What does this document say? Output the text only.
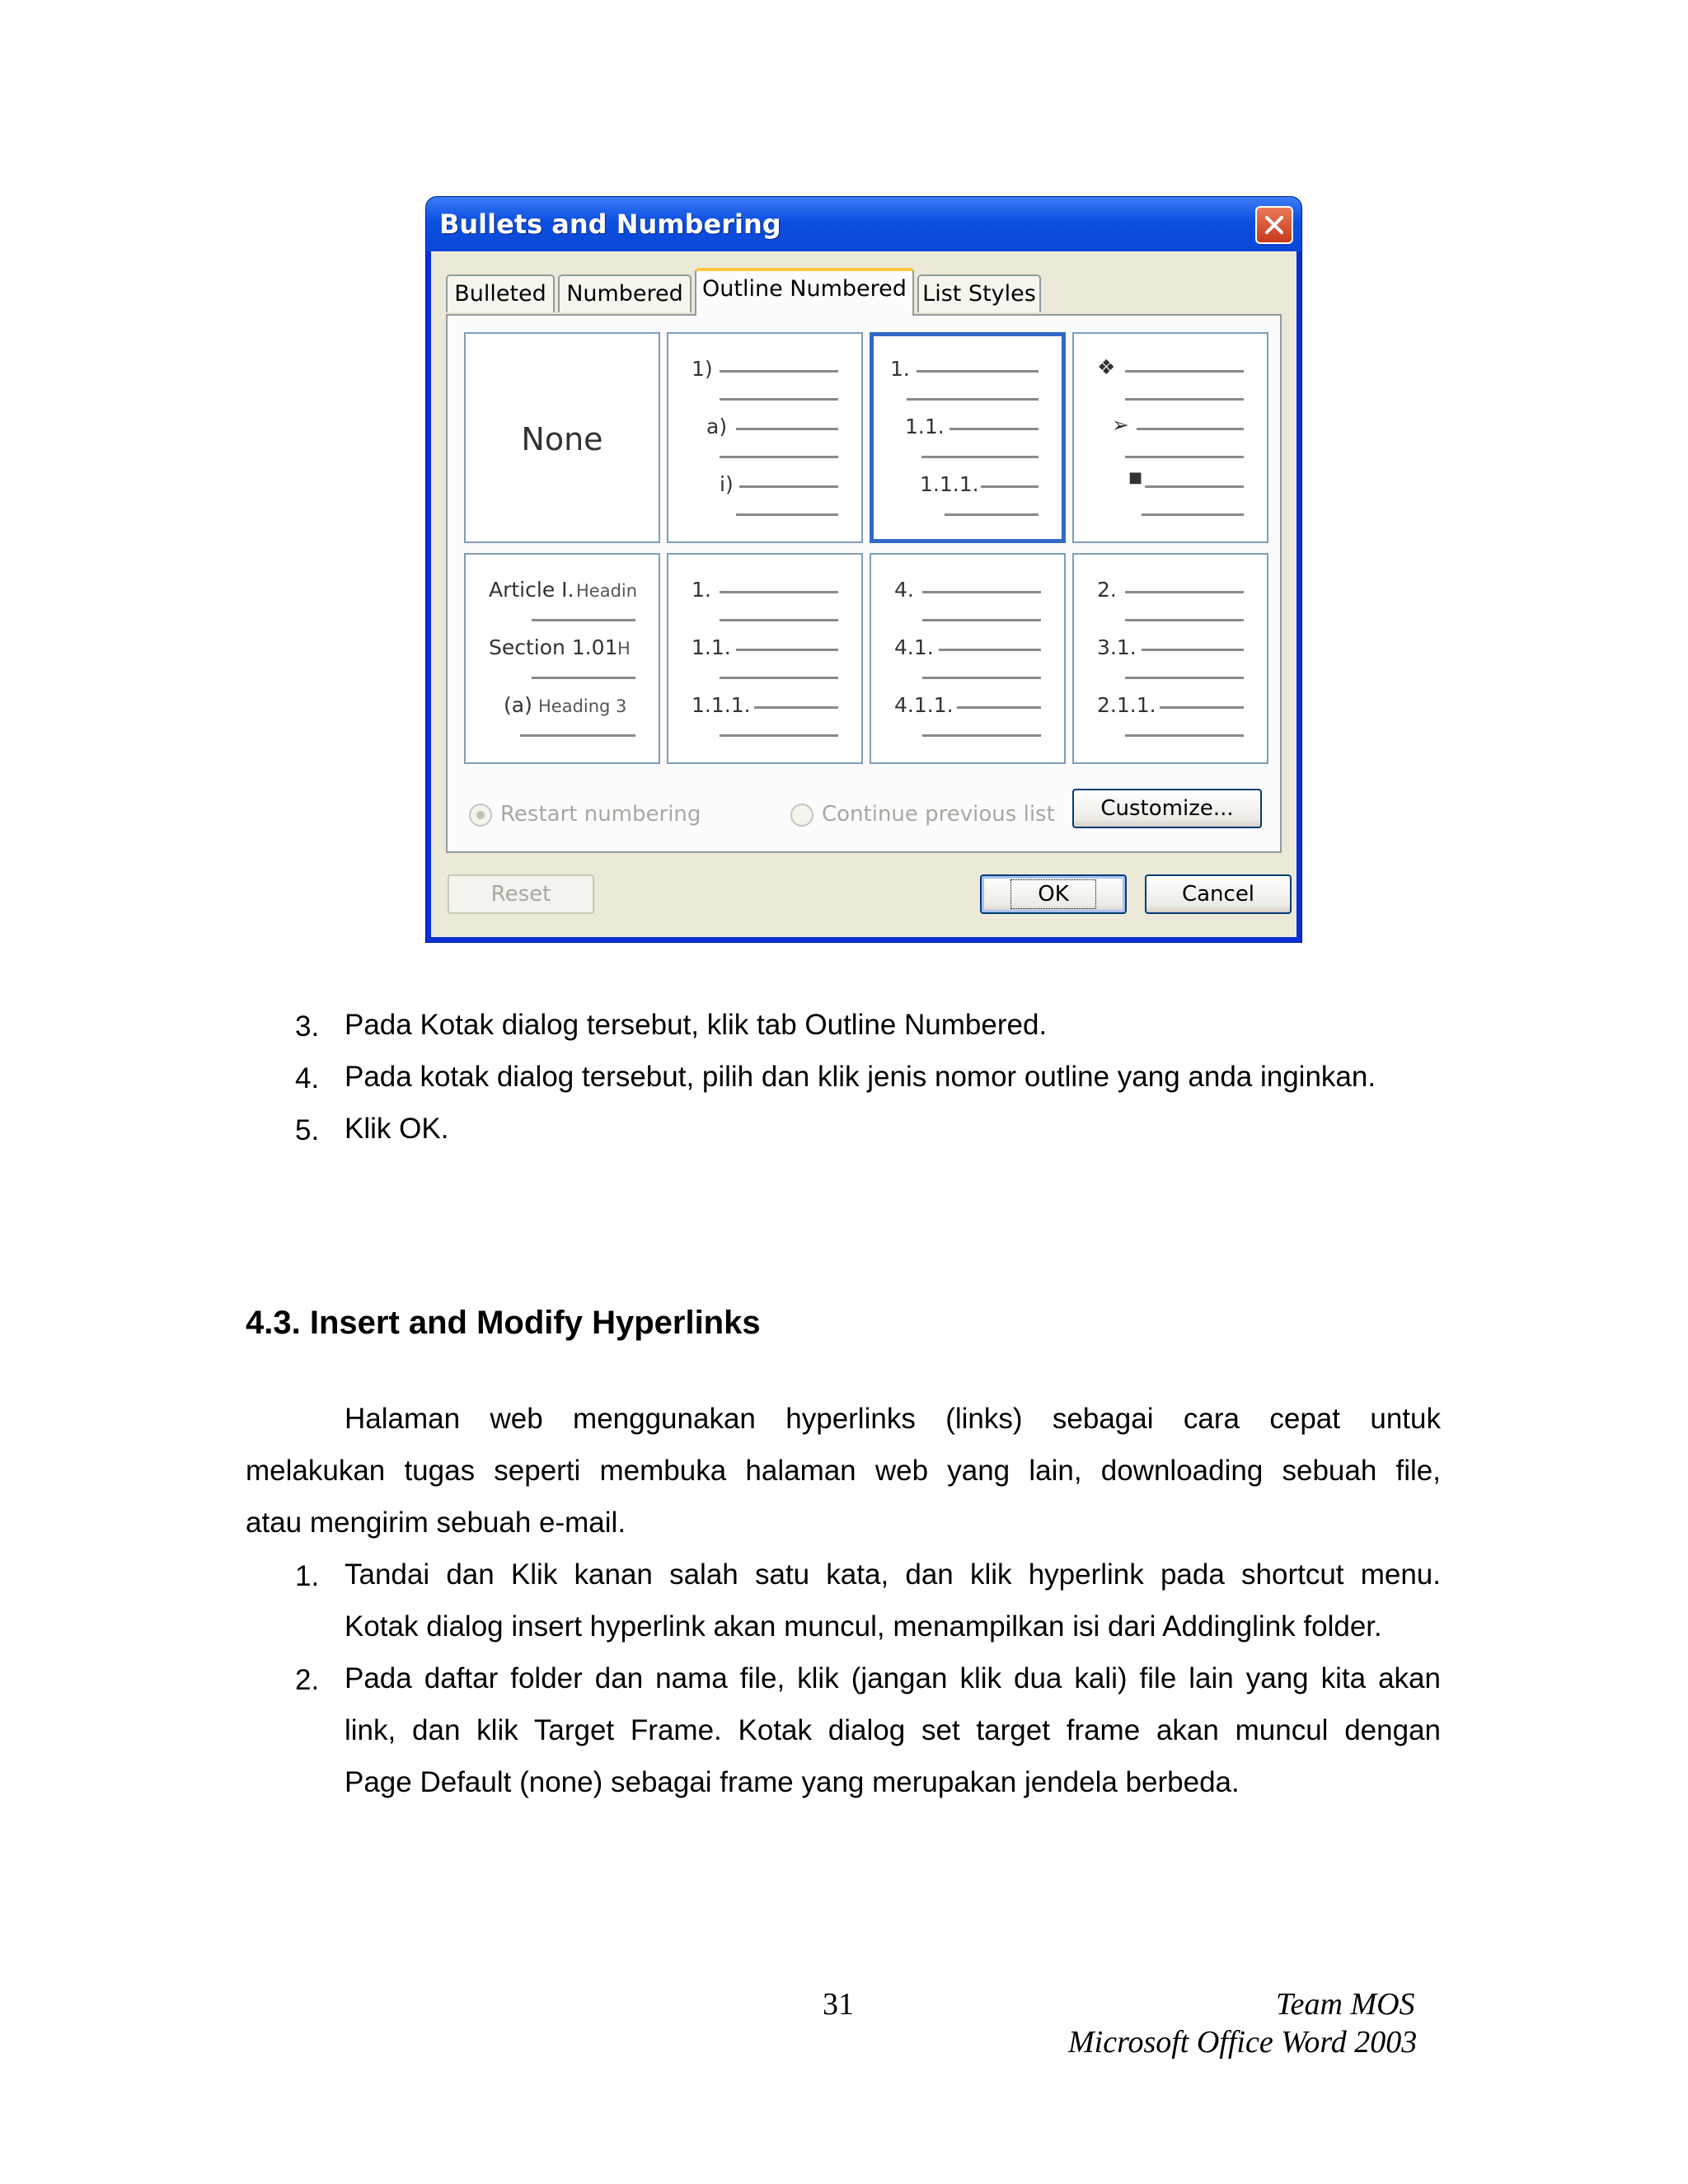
Bullets and Numbering
Bulleted Numbered Outline Numbered List Styles
None
1)
a)
i)
1.
1.1.
1.1.1.
❖
➢
■
Article I. Headin
Section 1.01 H
(a) Heading 3
1.
1.1.
1.1.1.
4.
4.1.
4.1.1.
2.
3.1.
2.1.1.
Restart numbering	Continue previous list	Customize...
Reset	OK	Cancel
3. Pada Kotak dialog tersebut, klik tab Outline Numbered.
4. Pada kotak dialog tersebut, pilih dan klik jenis nomor outline yang anda inginkan.
5. Klik OK.
4.3. Insert and Modify Hyperlinks
Halaman web menggunakan hyperlinks (links) sebagai cara cepat untuk
melakukan tugas seperti membuka halaman web yang lain, downloading sebuah file,
atau mengirim sebuah e-mail.
1. Tandai dan Klik kanan salah satu kata, dan klik hyperlink pada shortcut menu.
Kotak dialog insert hyperlink akan muncul, menampilkan isi dari Addinglink folder.
2. Pada daftar folder dan nama file, klik (jangan klik dua kali) file lain yang kita akan
link, dan klik Target Frame. Kotak dialog set target frame akan muncul dengan
Page Default (none) sebagai frame yang merupakan jendela berbeda.
31	Team MOS
Microsoft Office Word 2003
